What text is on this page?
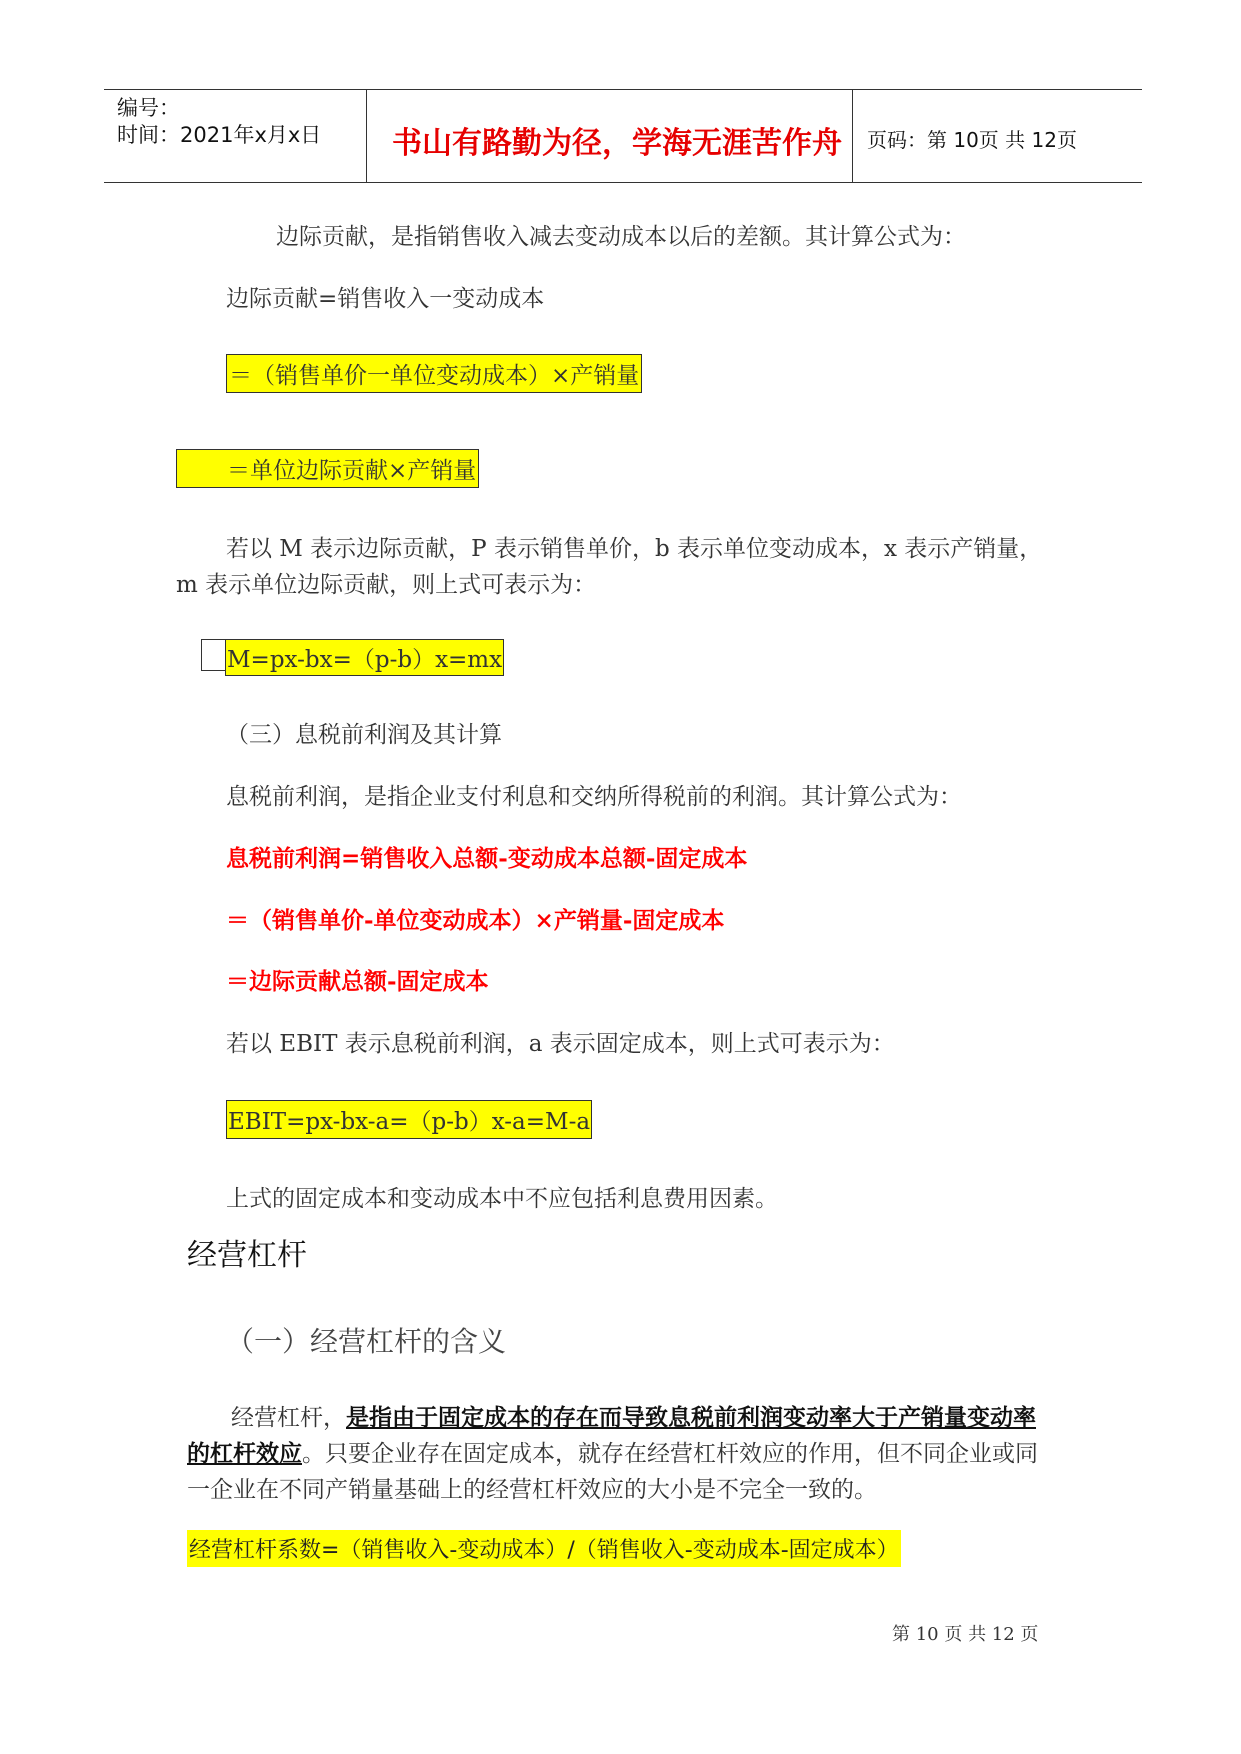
编号：
时间：2021年x月x日 书山有路勤为径，学海无涯苦作舟 页码：第 10页 共 12页
边际贡献，是指销售收入减去变动成本以后的差额。其计算公式为：
边际贡献=销售收入一变动成本
＝（销售单价一单位变动成本）×产销量
＝单位边际贡献×产销量
若以 M 表示边际贡献，P 表示销售单价，b 表示单位变动成本，x 表示产销量，
m 表示单位边际贡献，则上式可表示为：
M=px-bx=（p-b）x=mx
（三）息税前利润及其计算
息税前利润，是指企业支付利息和交纳所得税前的利润。其计算公式为：
息税前利润=销售收入总额-变动成本总额-固定成本
＝（销售单价-单位变动成本）×产销量-固定成本
＝边际贡献总额-固定成本
若以 EBIT 表示息税前利润，a 表示固定成本，则上式可表示为：
EBIT=px-bx-a=（p-b）x-a=M-a
上式的固定成本和变动成本中不应包括利息费用因素。
经营杠杆
（一）经营杠杆的含义
经营杠杆，是指由于固定成本的存在而导致息税前利润变动率大于产销量变动率的杠杆效应。只要企业存在固定成本，就存在经营杠杆效应的作用，但不同企业或同一企业在不同产销量基础上的经营杠杆效应的大小是不完全一致的。
经营杠杆系数=（销售收入-变动成本）/（销售收入-变动成本-固定成本）
第 10 页 共 12 页
